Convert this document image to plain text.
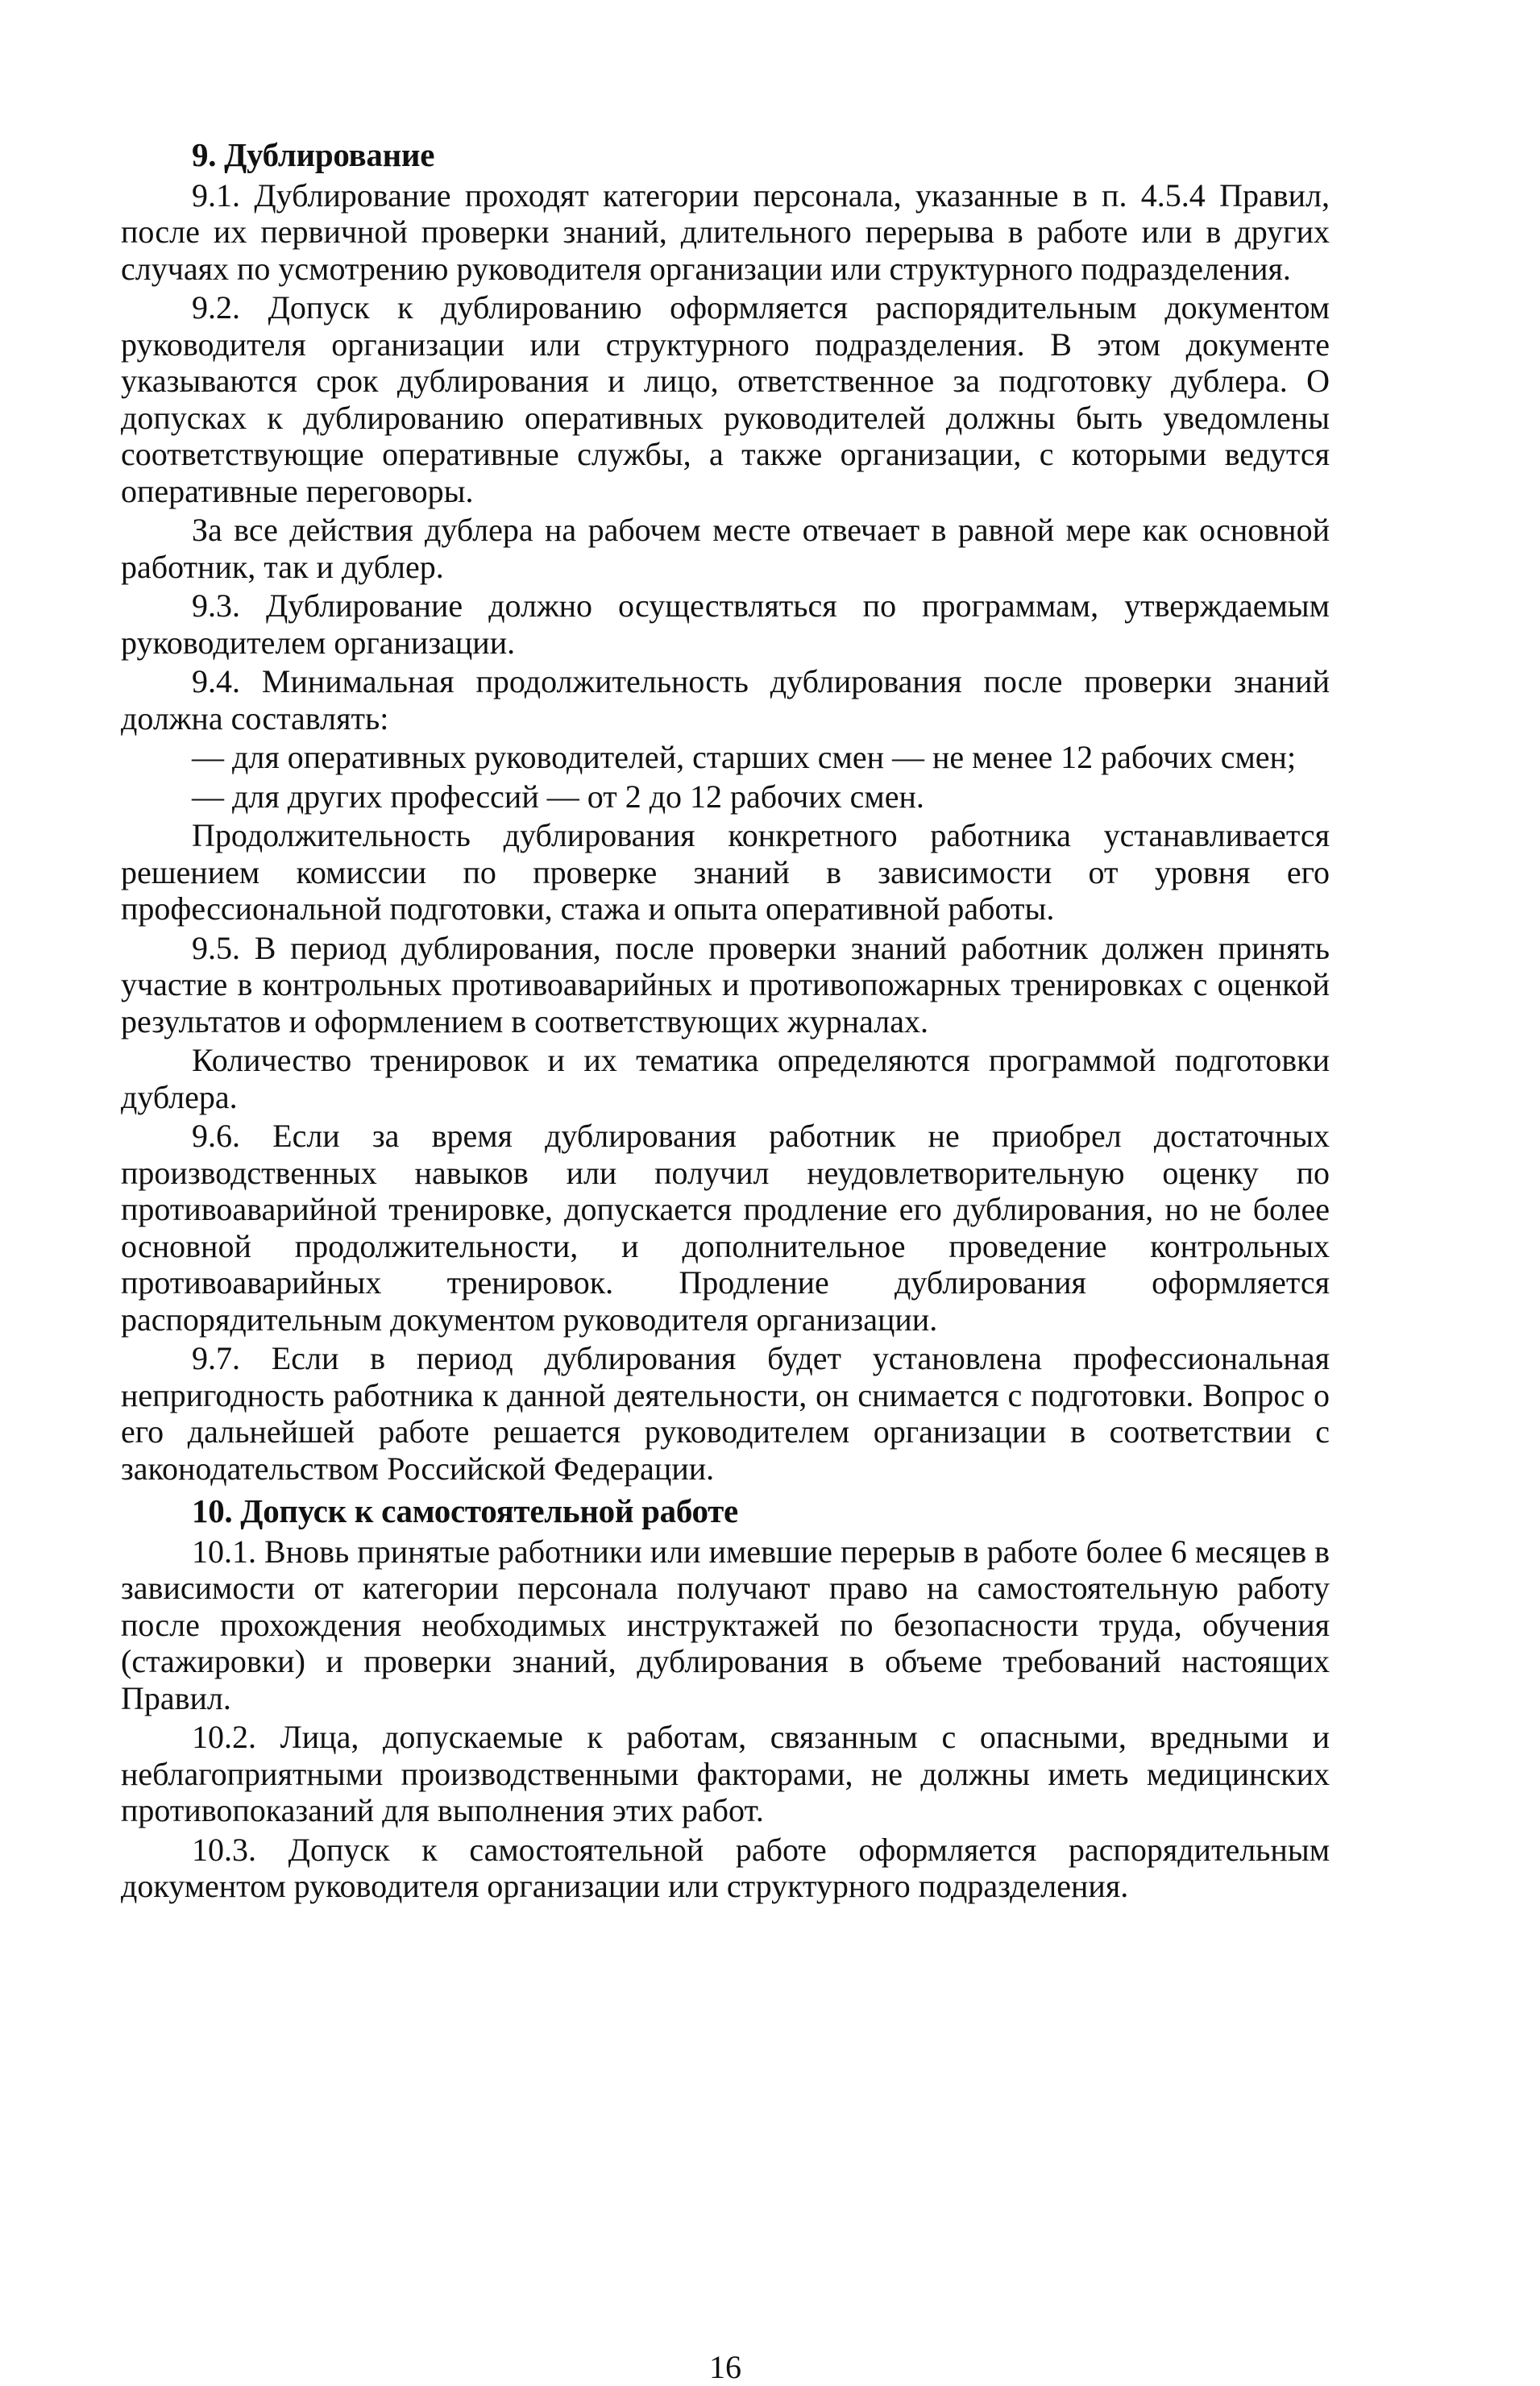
9. Дублирование

9.1. Дублирование проходят категории персонала, указанные в п. 4.5.4 Правил, после их первичной проверки знаний, длительного перерыва в работе или в других случаях по усмотрению руководителя организации или структурного подразделения.

9.2. Допуск к дублированию оформляется распорядительным документом руководителя организации или структурного подразделения. В этом документе указываются срок дублирования и лицо, ответственное за подготовку дублера. О допусках к дублированию оперативных руководителей должны быть уведомлены соответствующие оперативные службы, а также организации, с которыми ведутся оперативные переговоры.

За все действия дублера на рабочем месте отвечает в равной мере как основной работник, так и дублер.

9.3. Дублирование должно осуществляться по программам, утверждаемым руководителем организации.

9.4. Минимальная продолжительность дублирования после проверки знаний должна составлять:

— для оперативных руководителей, старших смен — не менее 12 рабочих смен;

— для других профессий — от 2 до 12 рабочих смен.

Продолжительность дублирования конкретного работника устанавливается решением комиссии по проверке знаний в зависимости от уровня его профессиональной подготовки, стажа и опыта оперативной работы.

9.5. В период дублирования, после проверки знаний работник должен принять участие в контрольных противоаварийных и противопожарных тренировках с оценкой результатов и оформлением в соответствующих журналах.

Количество тренировок и их тематика определяются программой подготовки дублера.

9.6. Если за время дублирования работник не приобрел достаточных производственных навыков или получил неудовлетворительную оценку по противоаварийной тренировке, допускается продление его дублирования, но не более основной продолжительности, и дополнительное проведение контрольных противоаварийных тренировок. Продление дублирования оформляется распорядительным документом руководителя организации.

9.7. Если в период дублирования будет установлена профессиональная непригодность работника к данной деятельности, он снимается с подготовки. Вопрос о его дальнейшей работе решается руководителем организации в соответствии с законодательством Российской Федерации.

10. Допуск к самостоятельной работе

10.1. Вновь принятые работники или имевшие перерыв в работе более 6 месяцев в зависимости от категории персонала получают право на самостоятельную работу после прохождения необходимых инструктажей по безопасности труда, обучения (стажировки) и проверки знаний, дублирования в объеме требований настоящих Правил.

10.2. Лица, допускаемые к работам, связанным с опасными, вредными и неблагоприятными производственными факторами, не должны иметь медицинских противопоказаний для выполнения этих работ.

10.3. Допуск к самостоятельной работе оформляется распорядительным документом руководителя организации или структурного подразделения.

16
